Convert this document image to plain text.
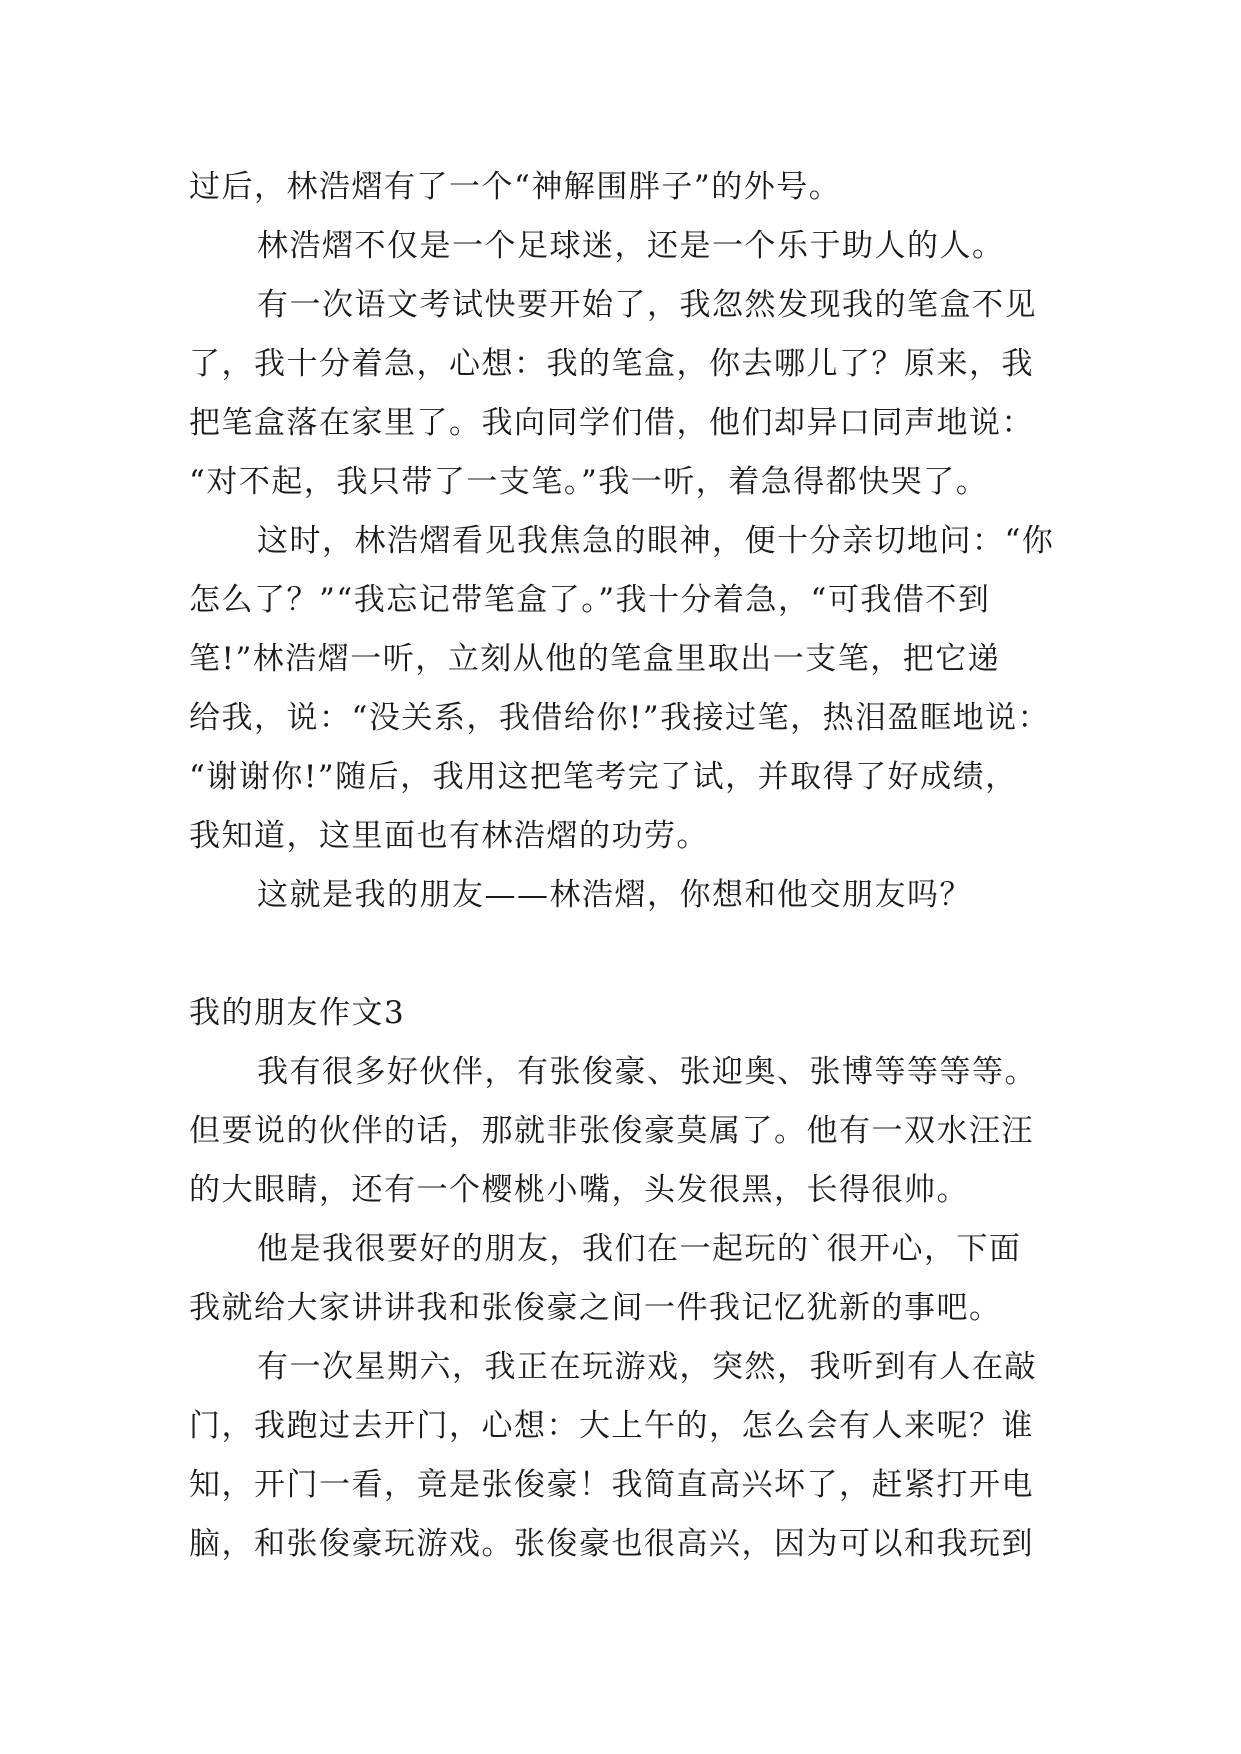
过后，林浩熠有了一个“神解围胖子”的外号。
林浩熠不仅是一个足球迷，还是一个乐于助人的人。
有一次语文考试快要开始了，我忽然发现我的笔盒不见
了，我十分着急，心想：我的笔盒，你去哪儿了？原来，我
把笔盒落在家里了。我向同学们借，他们却异口同声地说：
“对不起，我只带了一支笔。”我一听，着急得都快哭了。
这时，林浩熠看见我焦急的眼神，便十分亲切地问：“你
怎么了？”“我忘记带笔盒了。”我十分着急，“可我借不到
笔!”林浩熠一听，立刻从他的笔盒里取出一支笔，把它递
给我，说：“没关系，我借给你!”我接过笔，热泪盈眶地说：
“谢谢你!”随后，我用这把笔考完了试，并取得了好成绩，
我知道，这里面也有林浩熠的功劳。
这就是我的朋友——林浩熠，你想和他交朋友吗？
我的朋友作文3
我有很多好伙伴，有张俊豪、张迎奥、张博等等等等。
但要说的伙伴的话，那就非张俊豪莫属了。他有一双水汪汪
的大眼睛，还有一个樱桃小嘴，头发很黑，长得很帅。
他是我很要好的朋友，我们在一起玩的`很开心，下面
我就给大家讲讲我和张俊豪之间一件我记忆犹新的事吧。
有一次星期六，我正在玩游戏，突然，我听到有人在敲
门，我跑过去开门，心想：大上午的，怎么会有人来呢？谁
知，开门一看，竟是张俊豪！我简直高兴坏了，赶紧打开电
脑，和张俊豪玩游戏。张俊豪也很高兴，因为可以和我玩到
